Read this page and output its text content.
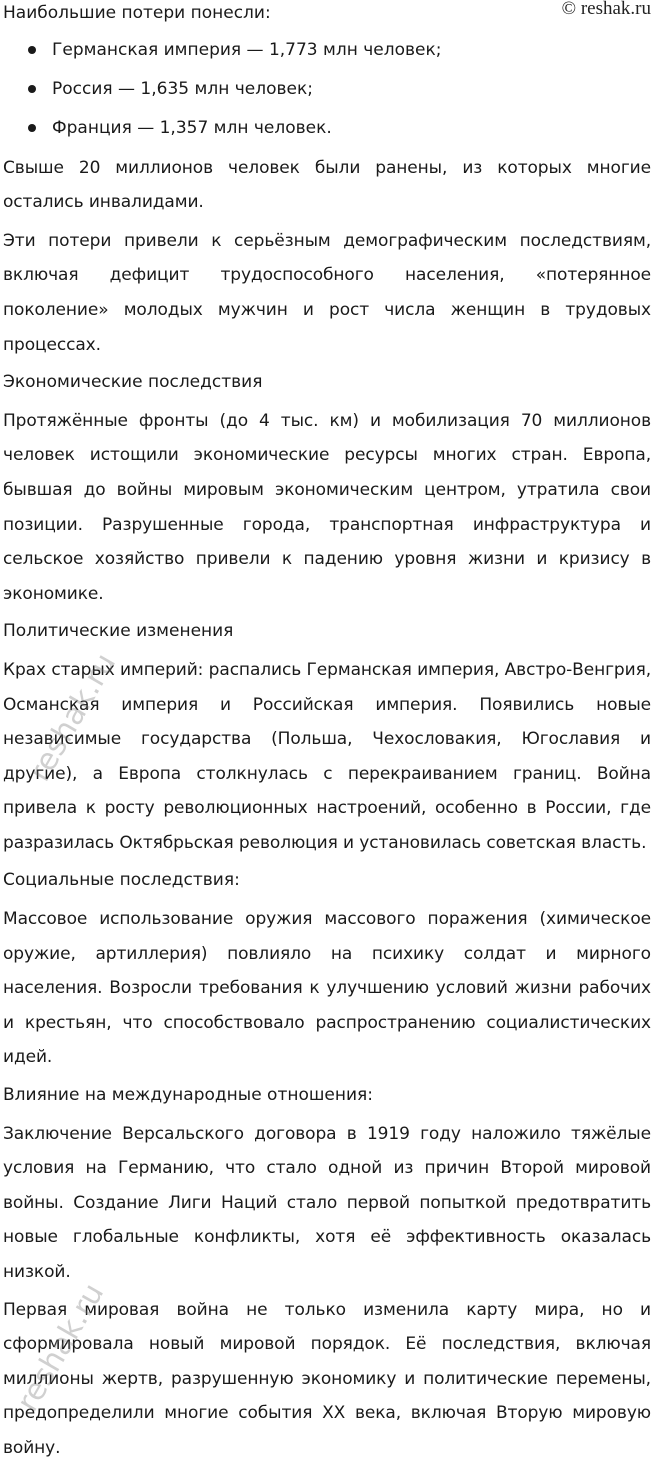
© reshak.ru

Наибольшие потери понесли:

Германская империя — 1,773 млн человек;
Россия — 1,635 млн человек;
Франция — 1,357 млн человек.

Свыше 20 миллионов человек были ранены, из которых многие остались инвалидами.

Эти потери привели к серьёзным демографическим последствиям, включая дефицит трудоспособного населения, «потерянное поколение» молодых мужчин и рост числа женщин в трудовых процессах.

Экономические последствия

Протяжённые фронты (до 4 тыс. км) и мобилизация 70 миллионов человек истощили экономические ресурсы многих стран. Европа, бывшая до войны мировым экономическим центром, утратила свои позиции. Разрушенные города, транспортная инфраструктура и сельское хозяйство привели к падению уровня жизни и кризису в экономике.

Политические изменения

Крах старых империй: распались Германская империя, Австро-Венгрия, Османская империя и Российская империя. Появились новые независимые государства (Польша, Чехословакия, Югославия и другие), а Европа столкнулась с перекраиванием границ. Война привела к росту революционных настроений, особенно в России, где разразилась Октябрьская революция и установилась советская власть.

Социальные последствия:

Массовое использование оружия массового поражения (химическое оружие, артиллерия) повлияло на психику солдат и мирного населения. Возросли требования к улучшению условий жизни рабочих и крестьян, что способствовало распространению социалистических идей.

Влияние на международные отношения:

Заключение Версальского договора в 1919 году наложило тяжёлые условия на Германию, что стало одной из причин Второй мировой войны. Создание Лиги Наций стало первой попыткой предотвратить новые глобальные конфликты, хотя её эффективность оказалась низкой.

Первая мировая война не только изменила карту мира, но и сформировала новый мировой порядок. Её последствия, включая миллионы жертв, разрушенную экономику и политические перемены, предопределили многие события XX века, включая Вторую мировую войну.

reshak.ru
reshak.ru
